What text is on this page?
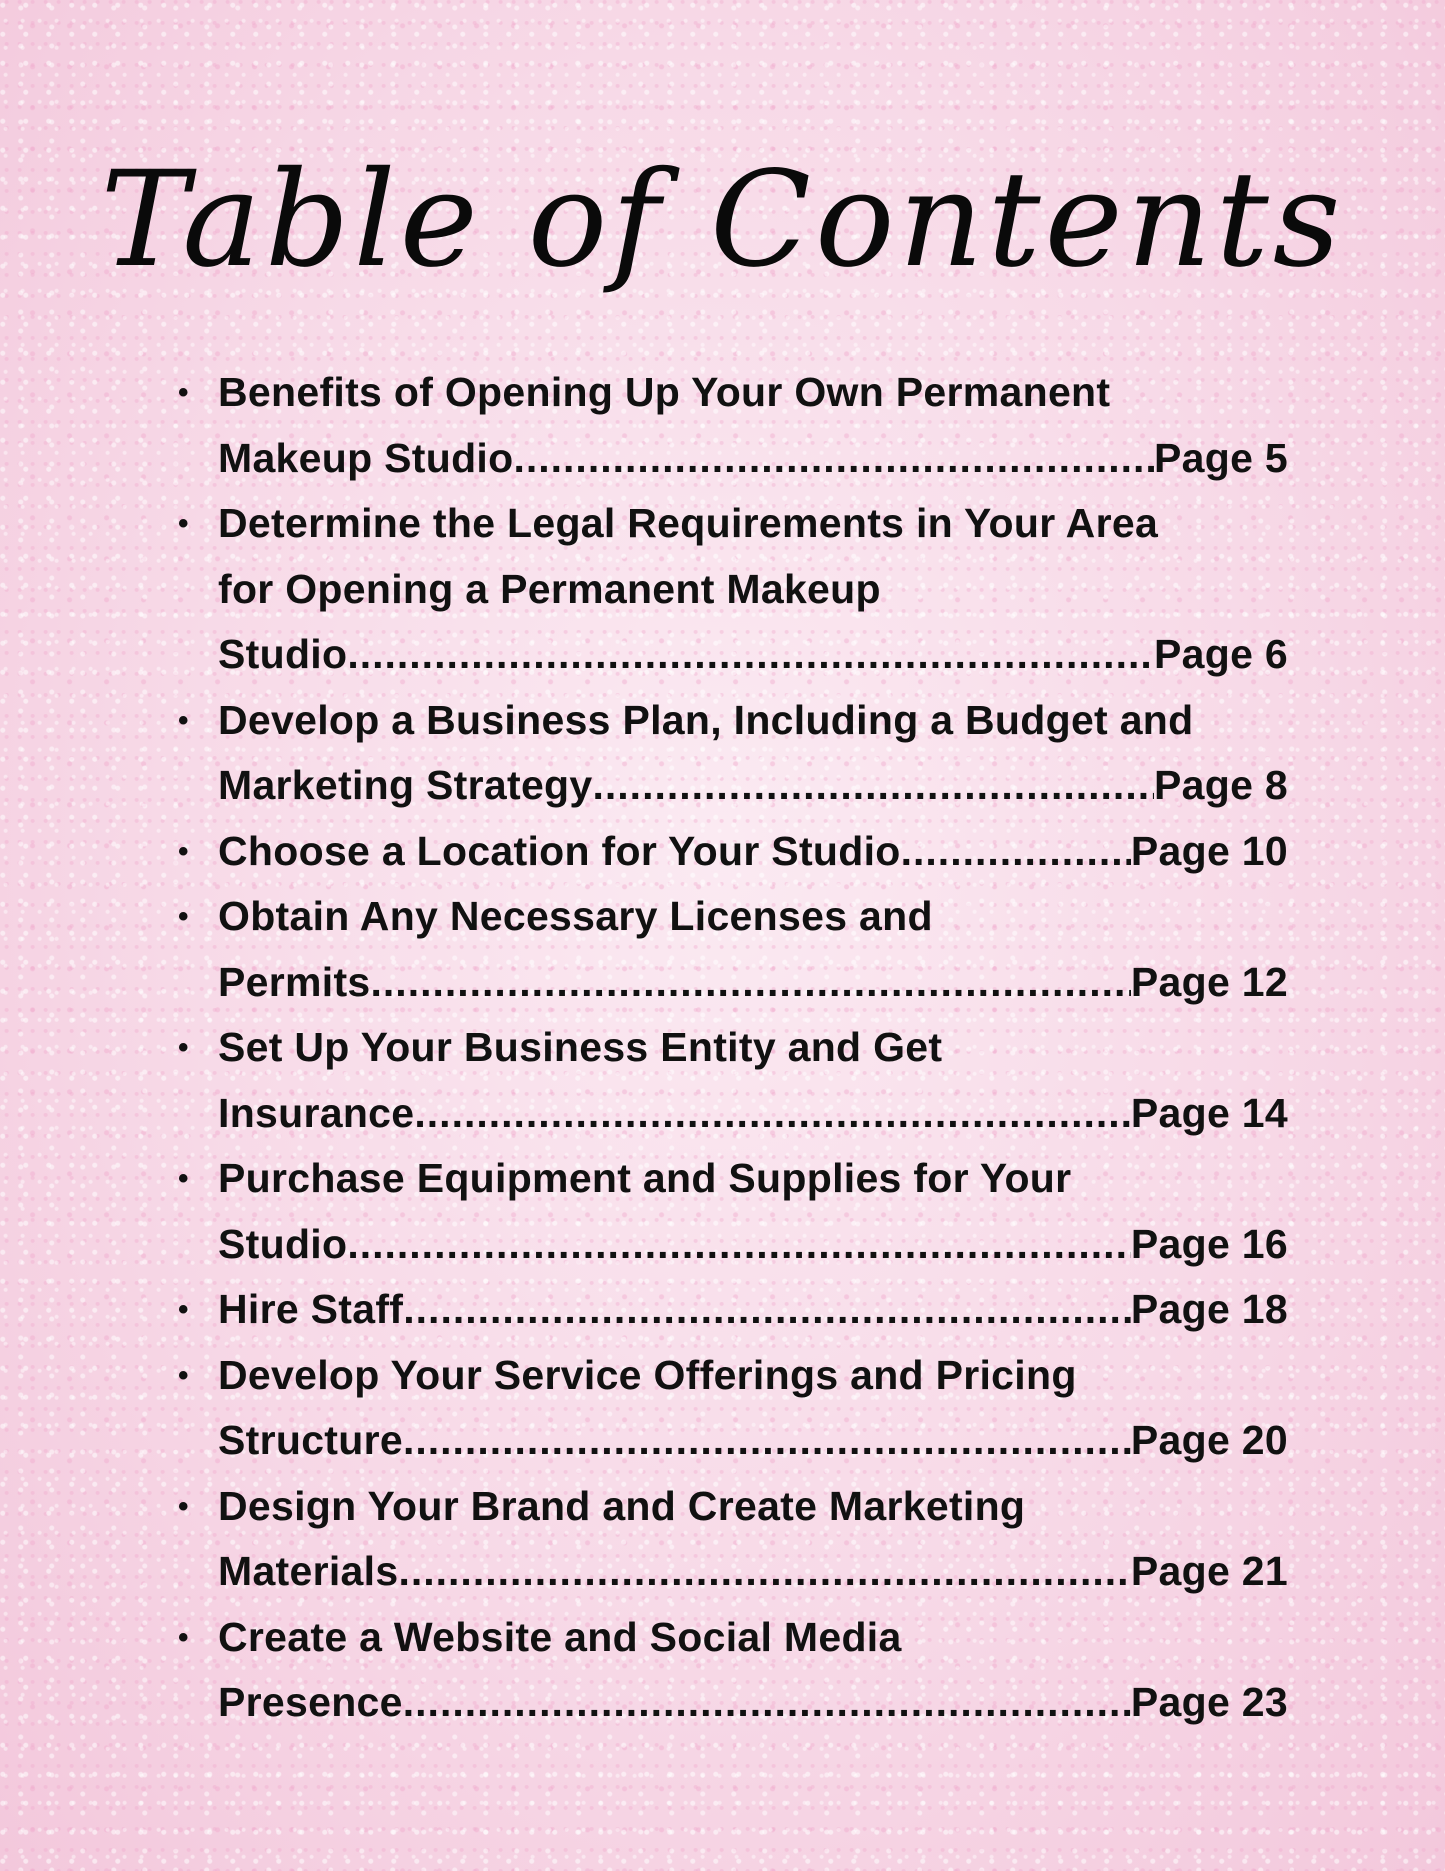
Table of Contents
• Benefits of Opening Up Your Own Permanent
Makeup Studio .....	Page 5
• Determine the Legal Requirements in Your Area
for Opening a Permanent Makeup
Studio .....	Page 6
• Develop a Business Plan, Including a Budget and
Marketing Strategy .....	Page 8
• Choose a Location for Your Studio .....	Page 10
• Obtain Any Necessary Licenses and
Permits .....	Page 12
• Set Up Your Business Entity and Get
Insurance .....	Page 14
• Purchase Equipment and Supplies for Your
Studio .....	Page 16
• Hire Staff .....	Page 18
• Develop Your Service Offerings and Pricing
Structure .....	Page 20
• Design Your Brand and Create Marketing
Materials .....	Page 21
• Create a Website and Social Media
Presence .....	Page 23
